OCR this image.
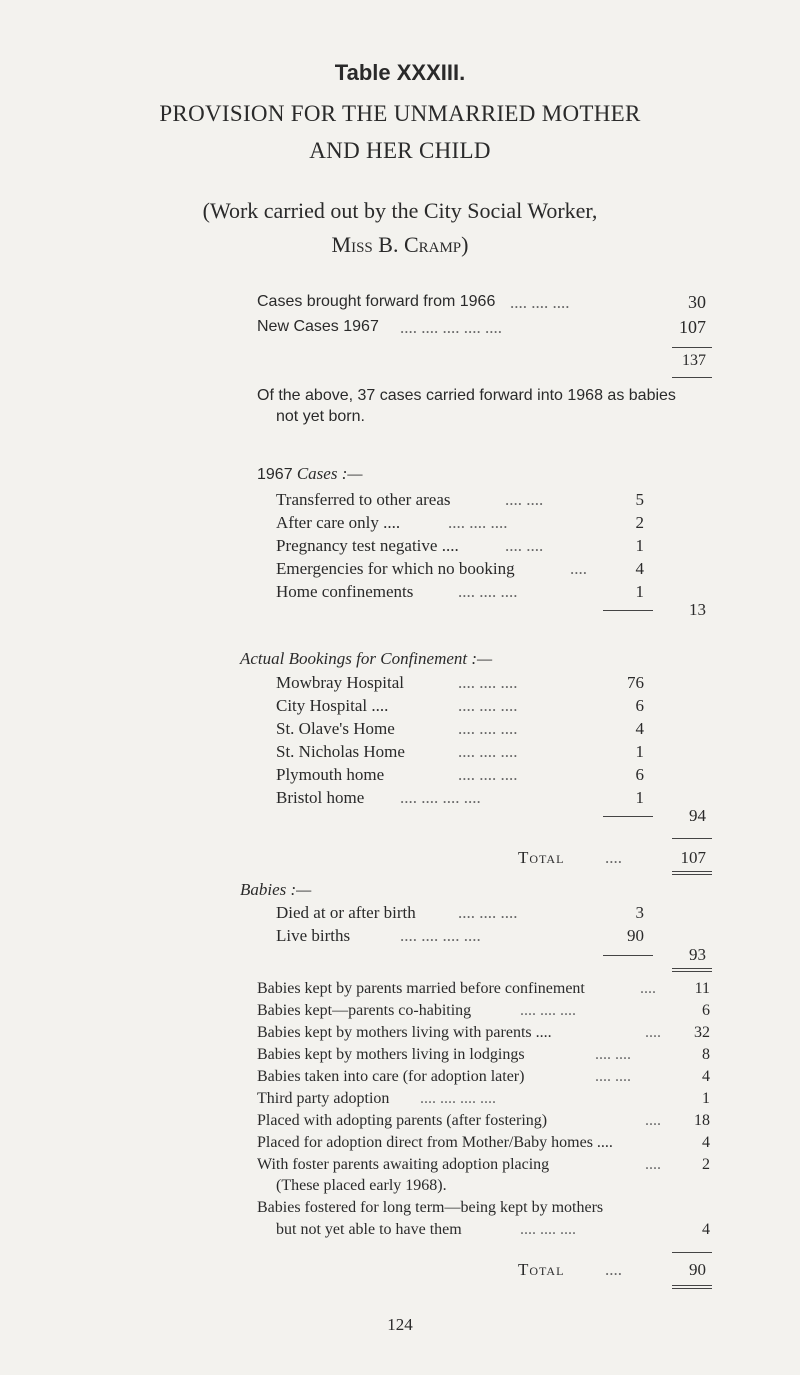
Table XXXIII.
PROVISION FOR THE UNMARRIED MOTHER
AND HER CHILD
(Work carried out by the City Social Worker,
Miss B. Cramp)
Cases brought forward from 1966 .... .... ....	30
New Cases 1967 .... .... .... .... ....	107
137
Of the above, 37 cases carried forward into 1968 as babies
not yet born.
1967 Cases :—
Transferred to other areas	.... ....	5
After care only ....	.... .... ....	2
Pregnancy test negative ....	.... ....	1
Emergencies for which no booking	....	4
Home confinements	.... .... ....	1
13
Actual Bookings for Confinement :—
Mowbray Hospital	.... .... ....	76
City Hospital ....	.... .... ....	6
St. Olave's Home	.... .... ....	4
St. Nicholas Home	.... .... ....	1
Plymouth home	.... .... ....	6
Bristol home .... .... .... ....	1
94
Total ....	107
Babies :—
Died at or after birth .... .... ....	3
Live births	.... .... .... ....	90
93
Babies kept by parents married before confinement	....	11
Babies kept—parents co-habiting	.... .... ....	6
Babies kept by mothers living with parents ....	....	32
Babies kept by mothers living in lodgings	.... ....	8
Babies taken into care (for adoption later)	.... ....	4
Third party adoption .... .... .... ....	1
Placed with adopting parents (after fostering)	....	18
Placed for adoption direct from Mother/Baby homes ....	4
With foster parents awaiting adoption placing	....	2
(These placed early 1968).
Babies fostered for long term—being kept by mothers
but not yet able to have them	.... .... ....	4
Total ....	90
124
